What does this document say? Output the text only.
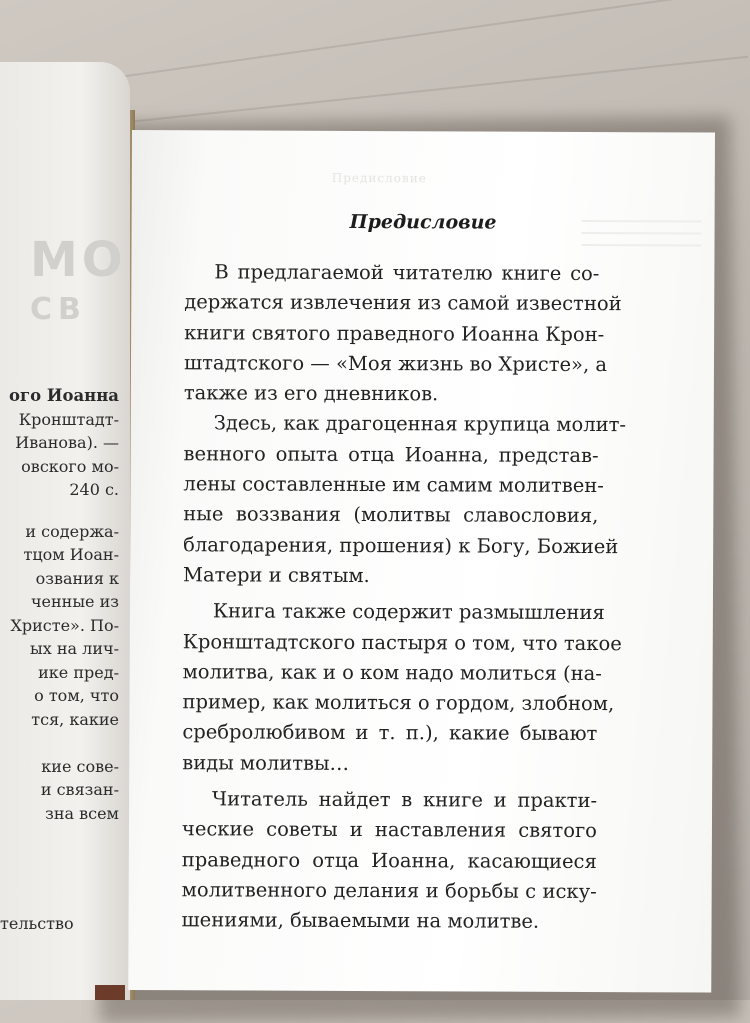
МО
СВ
ого Иоанна
Кронштадт-
Иванова). —
овского мо-
240 с.
и содержа-
тцом Иоан-
озвания к
ченные из
Христе». По-
ых на лич-
ике пред-
о том, что
тся, какие

кие сове-
и связан-
зна всем
тельство
Предисловие
Предисловие
В предлагаемой читателю книге со-
держатся извлечения из самой известной
книги святого праведного Иоанна Крон-
штадтского — «Моя жизнь во Христе», а
также из его дневников.
Здесь, как драгоценная крупица молит-
венного опыта отца Иоанна, представ-
лены составленные им самим молитвен-
ные воззвания (молитвы славословия,
благодарения, прошения) к Богу, Божией
Матери и святым.
Книга также содержит размышления
Кронштадтского пастыря о том, что такое
молитва, как и о ком надо молиться (на-
пример, как молиться о гордом, злобном,
сребролюбивом и т. п.), какие бывают
виды молитвы…
Читатель найдет в книге и практи-
ческие советы и наставления святого
праведного отца Иоанна, касающиеся
молитвенного делания и борьбы с иску-
шениями, бываемыми на молитве.
